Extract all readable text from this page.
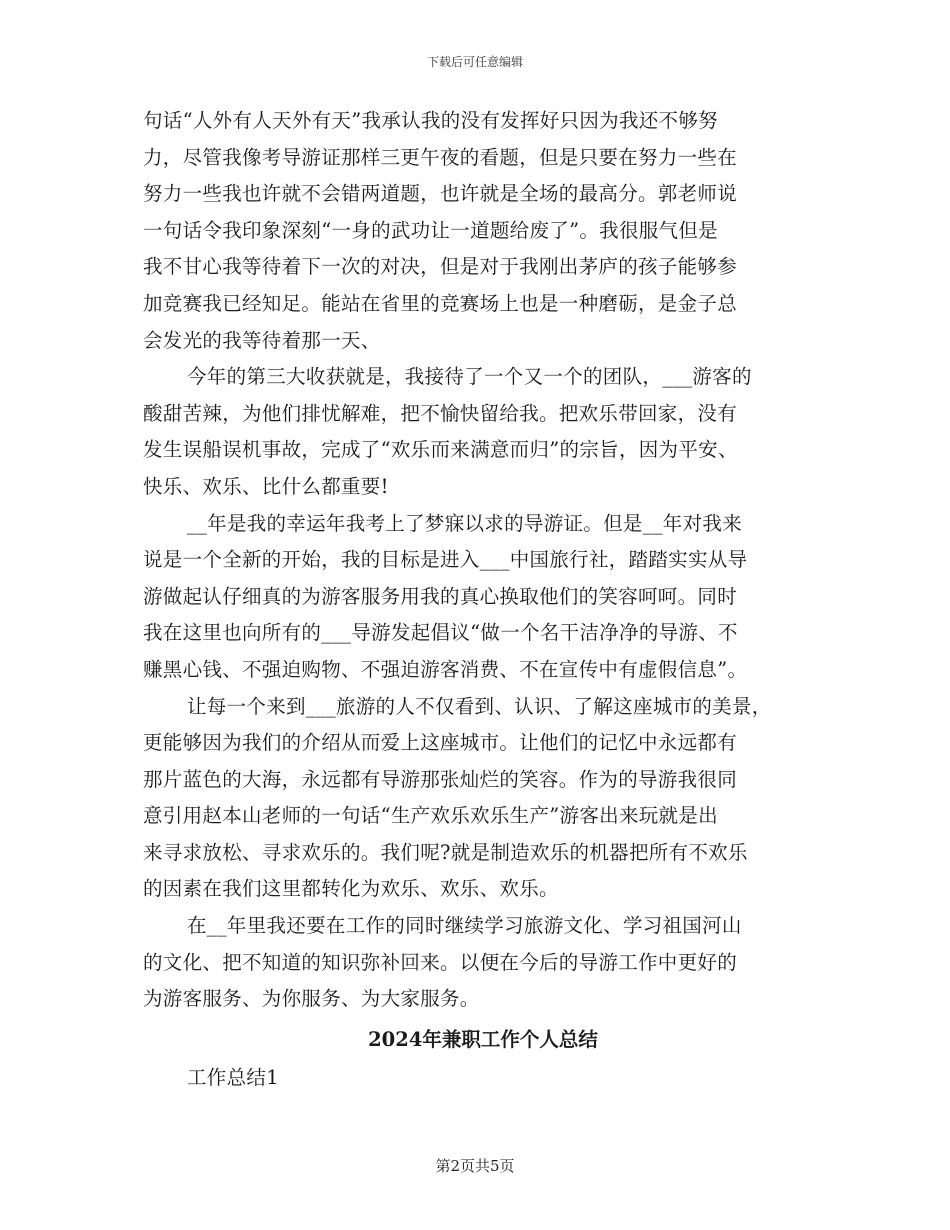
下载后可任意编辑
句话“人外有人天外有天”我承认我的没有发挥好只因为我还不够努
力，尽管我像考导游证那样三更午夜的看题，但是只要在努力一些在
努力一些我也许就不会错两道题，也许就是全场的最高分。郭老师说
一句话令我印象深刻“一身的武功让一道题给废了”。我很服气但是
我不甘心我等待着下一次的对决，但是对于我刚出茅庐的孩子能够参
加竞赛我已经知足。能站在省里的竞赛场上也是一种磨砺，是金子总
会发光的我等待着那一天、
今年的第三大收获就是，我接待了一个又一个的团队，___游客的
酸甜苦辣，为他们排忧解难，把不愉快留给我。把欢乐带回家，没有
发生误船误机事故，完成了“欢乐而来满意而归”的宗旨，因为平安、
快乐、欢乐、比什么都重要!
__年是我的幸运年我考上了梦寐以求的导游证。但是__年对我来
说是一个全新的开始，我的目标是进入___中国旅行社，踏踏实实从导
游做起认仔细真的为游客服务用我的真心换取他们的笑容呵呵。同时
我在这里也向所有的___导游发起倡议“做一个名干洁净净的导游、不
赚黑心钱、不强迫购物、不强迫游客消费、不在宣传中有虚假信息”。
让每一个来到___旅游的人不仅看到、认识、了解这座城市的美景，
更能够因为我们的介绍从而爱上这座城市。让他们的记忆中永远都有
那片蓝色的大海，永远都有导游那张灿烂的笑容。作为的导游我很同
意引用赵本山老师的一句话“生产欢乐欢乐生产”游客出来玩就是出
来寻求放松、寻求欢乐的。我们呢?就是制造欢乐的机器把所有不欢乐
的因素在我们这里都转化为欢乐、欢乐、欢乐。
在__年里我还要在工作的同时继续学习旅游文化、学习祖国河山
的文化、把不知道的知识弥补回来。以便在今后的导游工作中更好的
为游客服务、为你服务、为大家服务。
2024年兼职工作个人总结
工作总结1
第2页共5页
